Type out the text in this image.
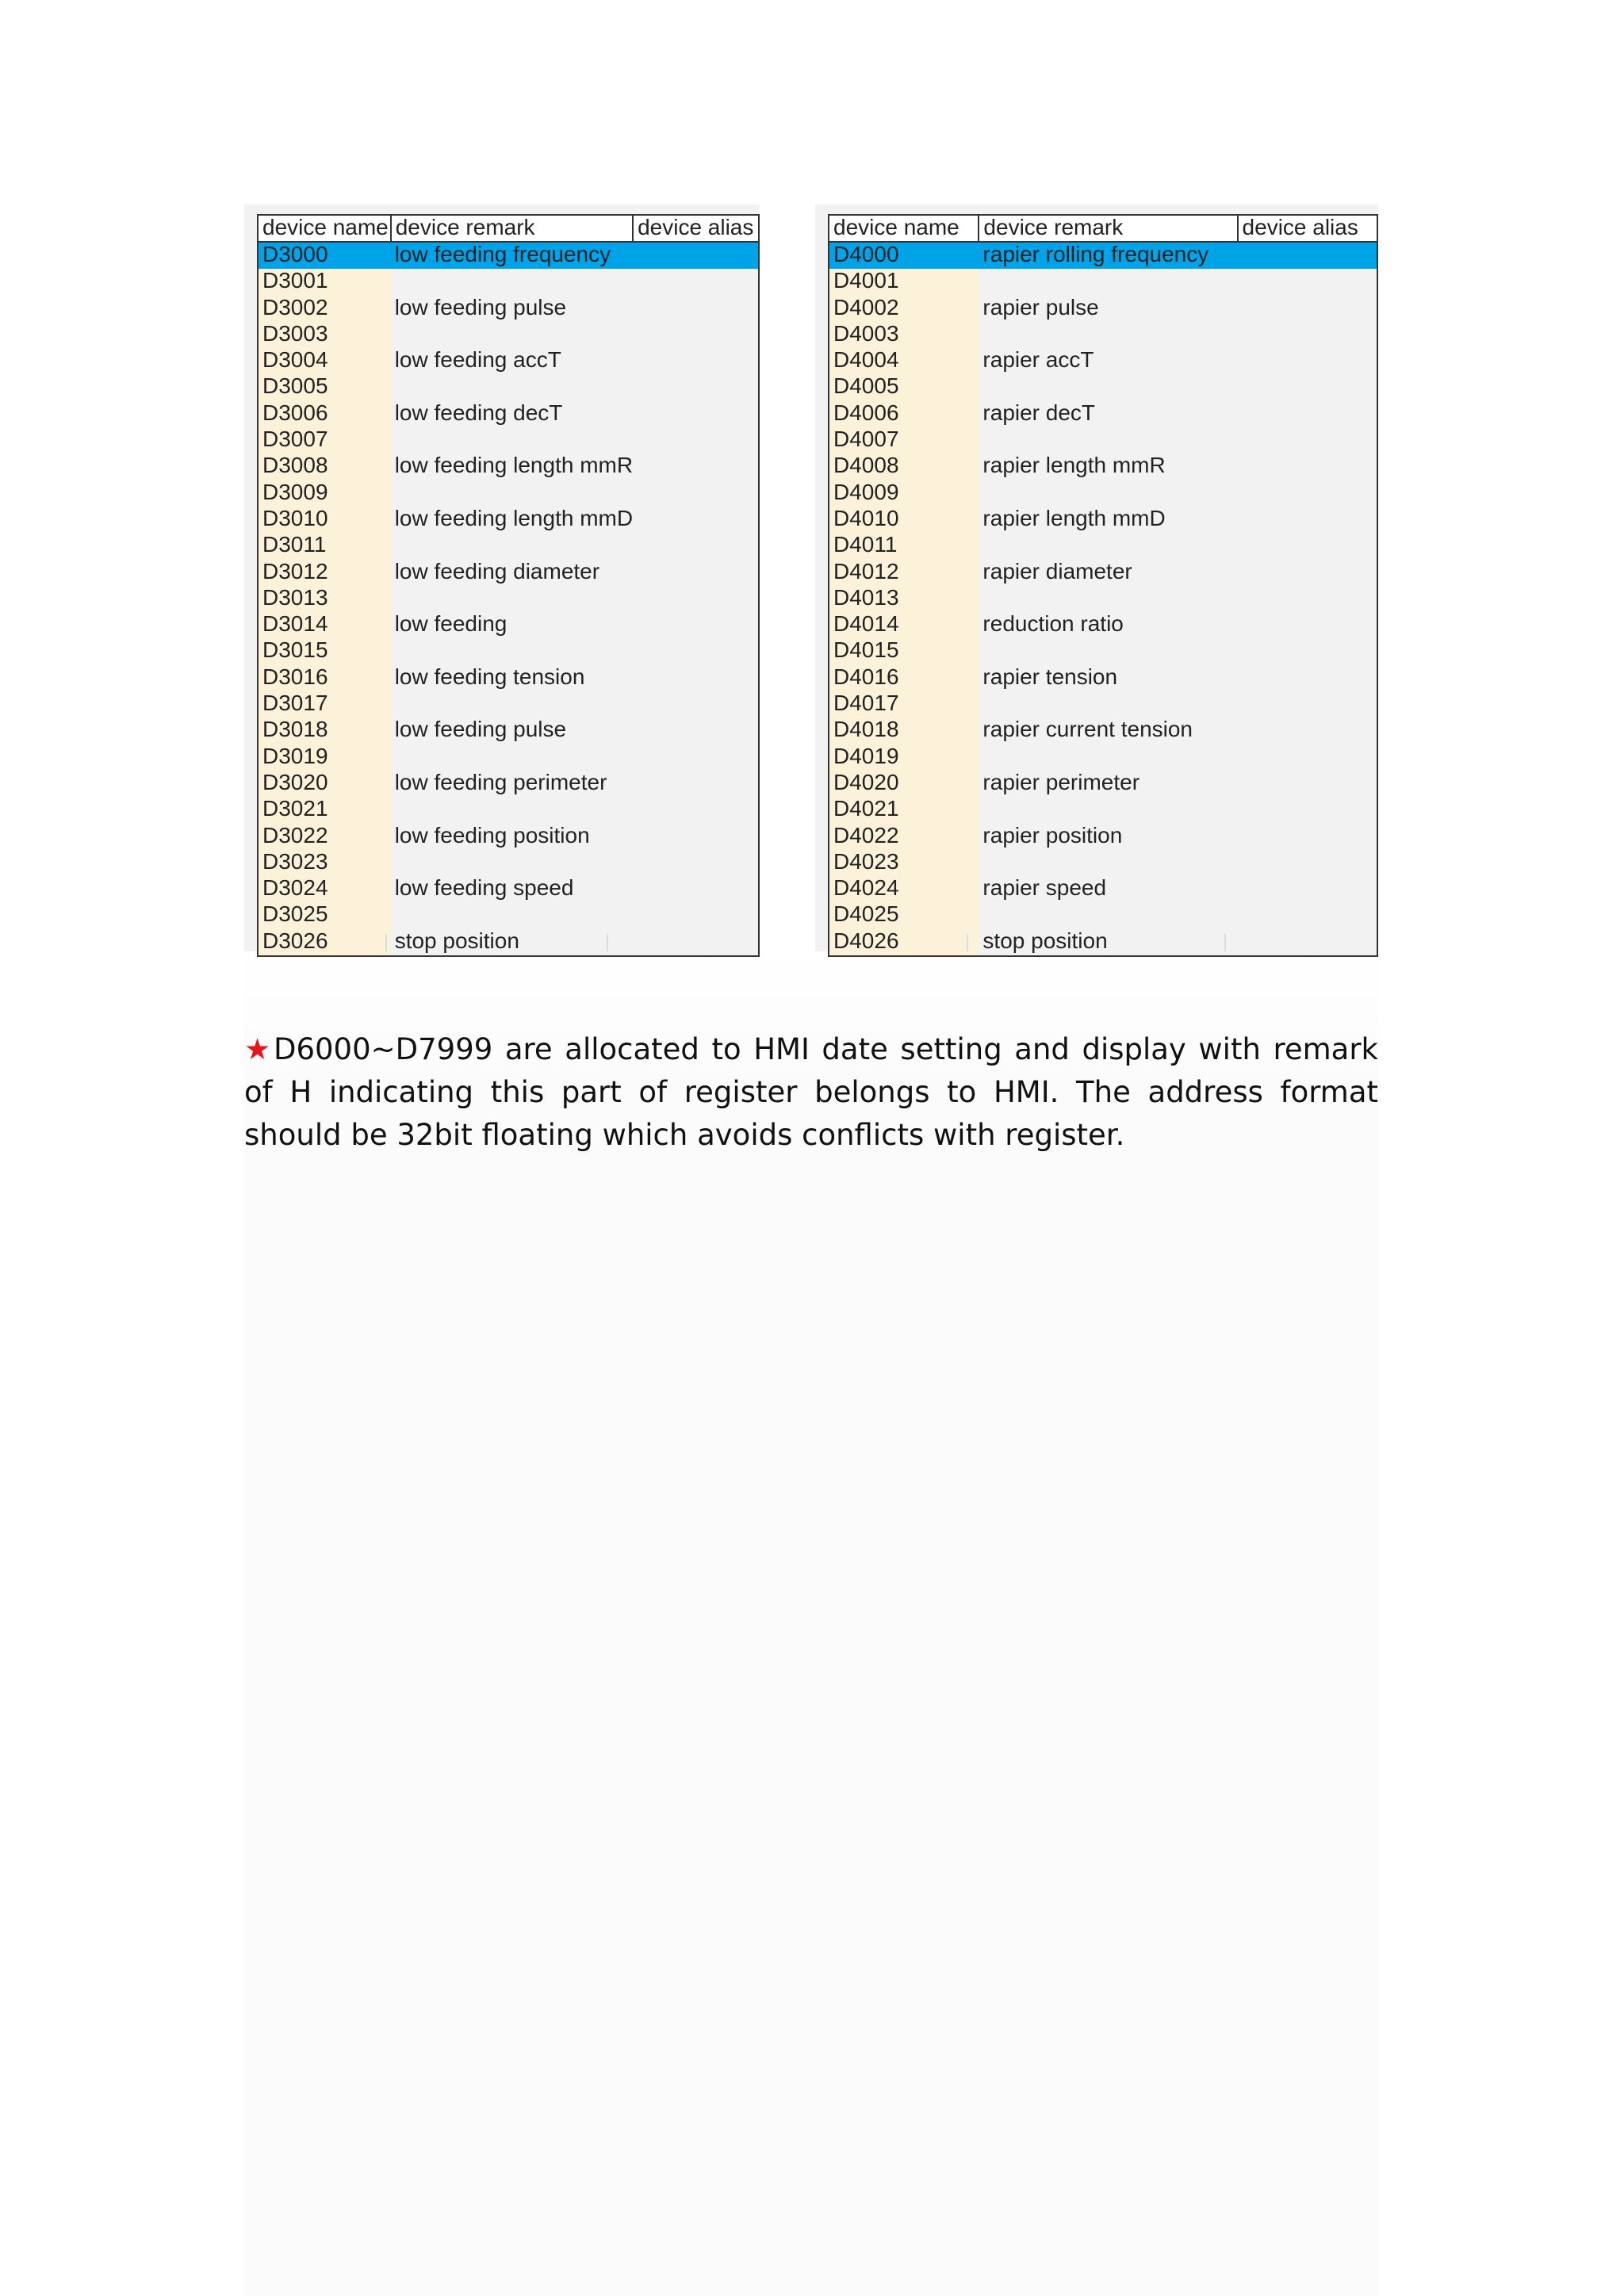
device name	device remark	device alias
D3000	low feeding frequency	
D3001		
D3002	low feeding pulse	
D3003		
D3004	low feeding accT	
D3005		
D3006	low feeding decT	
D3007		
D3008	low feeding length mmR	
D3009		
D3010	low feeding length mmD	
D3011		
D3012	low feeding diameter	
D3013		
D3014	low feeding	
D3015		
D3016	low feeding tension	
D3017		
D3018	low feeding pulse	
D3019		
D3020	low feeding perimeter	
D3021		
D3022	low feeding position	
D3023		
D3024	low feeding speed	
D3025		
D3026	stop position	
device name	device remark	device alias
D4000	rapier rolling frequency	
D4001		
D4002	rapier pulse	
D4003		
D4004	rapier accT	
D4005		
D4006	rapier decT	
D4007		
D4008	rapier length mmR	
D4009		
D4010	rapier length mmD	
D4011		
D4012	rapier diameter	
D4013		
D4014	reduction ratio	
D4015		
D4016	rapier tension	
D4017		
D4018	rapier current tension	
D4019		
D4020	rapier perimeter	
D4021		
D4022	rapier position	
D4023		
D4024	rapier speed	
D4025		
D4026	stop position	

★D6000~D7999 are allocated to HMI date setting and display with remark of H indicating this part of register belongs to HMI. The address format should be 32bit floating which avoids conflicts with register.
